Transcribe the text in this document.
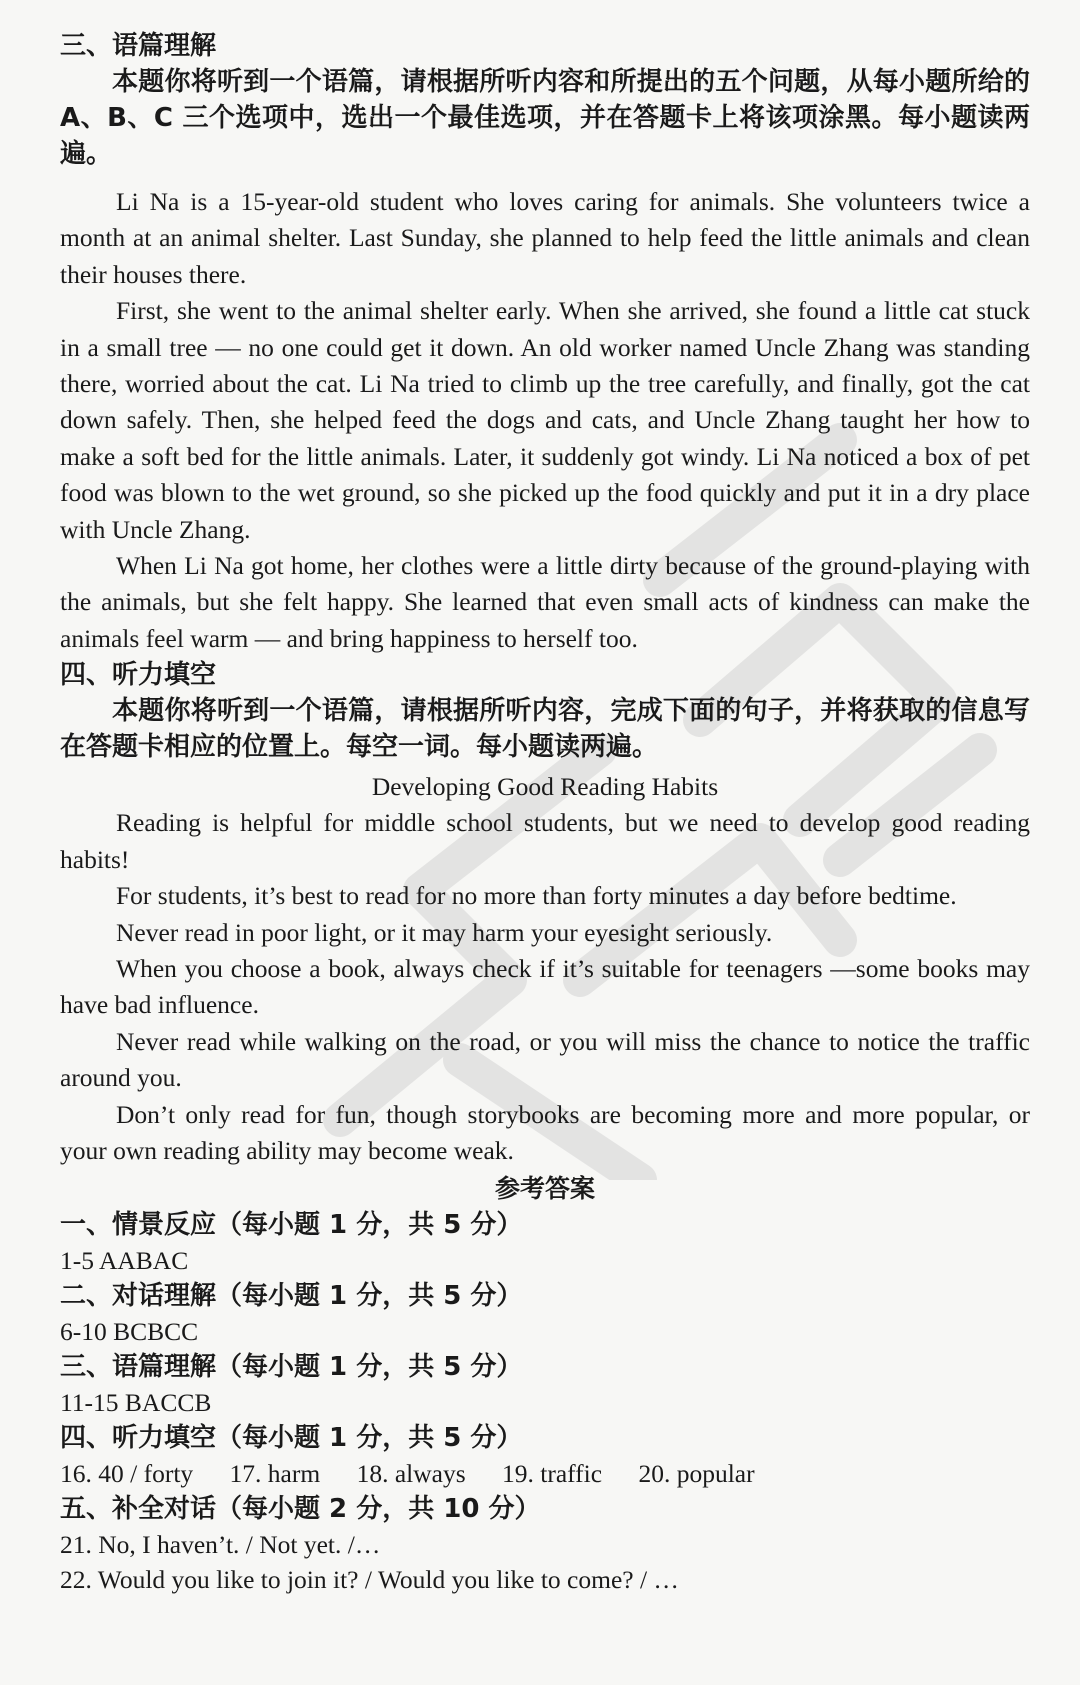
三、语篇理解

本题你将听到一个语篇，请根据所听内容和所提出的五个问题，从每小题所给的 A、B、C 三个选项中，选出一个最佳选项，并在答题卡上将该项涂黑。每小题读两遍。

Li Na is a 15-year-old student who loves caring for animals. She volunteers twice a month at an animal shelter. Last Sunday, she planned to help feed the little animals and clean their houses there.

First, she went to the animal shelter early. When she arrived, she found a little cat stuck in a small tree — no one could get it down. An old worker named Uncle Zhang was standing there, worried about the cat. Li Na tried to climb up the tree carefully, and finally, got the cat down safely. Then, she helped feed the dogs and cats, and Uncle Zhang taught her how to make a soft bed for the little animals. Later, it suddenly got windy. Li Na noticed a box of pet food was blown to the wet ground, so she picked up the food quickly and put it in a dry place with Uncle Zhang.

When Li Na got home, her clothes were a little dirty because of the ground-playing with the animals, but she felt happy. She learned that even small acts of kindness can make the animals feel warm — and bring happiness to herself too.

四、听力填空

本题你将听到一个语篇，请根据所听内容，完成下面的句子，并将获取的信息写在答题卡相应的位置上。每空一词。每小题读两遍。

Developing Good Reading Habits

Reading is helpful for middle school students, but we need to develop good reading habits!

For students, it’s best to read for no more than forty minutes a day before bedtime.

Never read in poor light, or it may harm your eyesight seriously.

When you choose a book, always check if it’s suitable for teenagers —some books may have bad influence.

Never read while walking on the road, or you will miss the chance to notice the traffic around you.

Don’t only read for fun, though storybooks are becoming more and more popular, or your own reading ability may become weak.

参考答案

一、情景反应（每小题 1 分，共 5 分）

1-5 AABAC

二、对话理解（每小题 1 分，共 5 分）

6-10 BCBCC

三、语篇理解（每小题 1 分，共 5 分）

11-15 BACCB

四、听力填空（每小题 1 分，共 5 分）

16. 40 / forty 17. harm 18. always 19. traffic 20. popular

五、补全对话（每小题 2 分，共 10 分）

21. No, I haven’t. / Not yet. /…

22. Would you like to join it? / Would you like to come? / …
